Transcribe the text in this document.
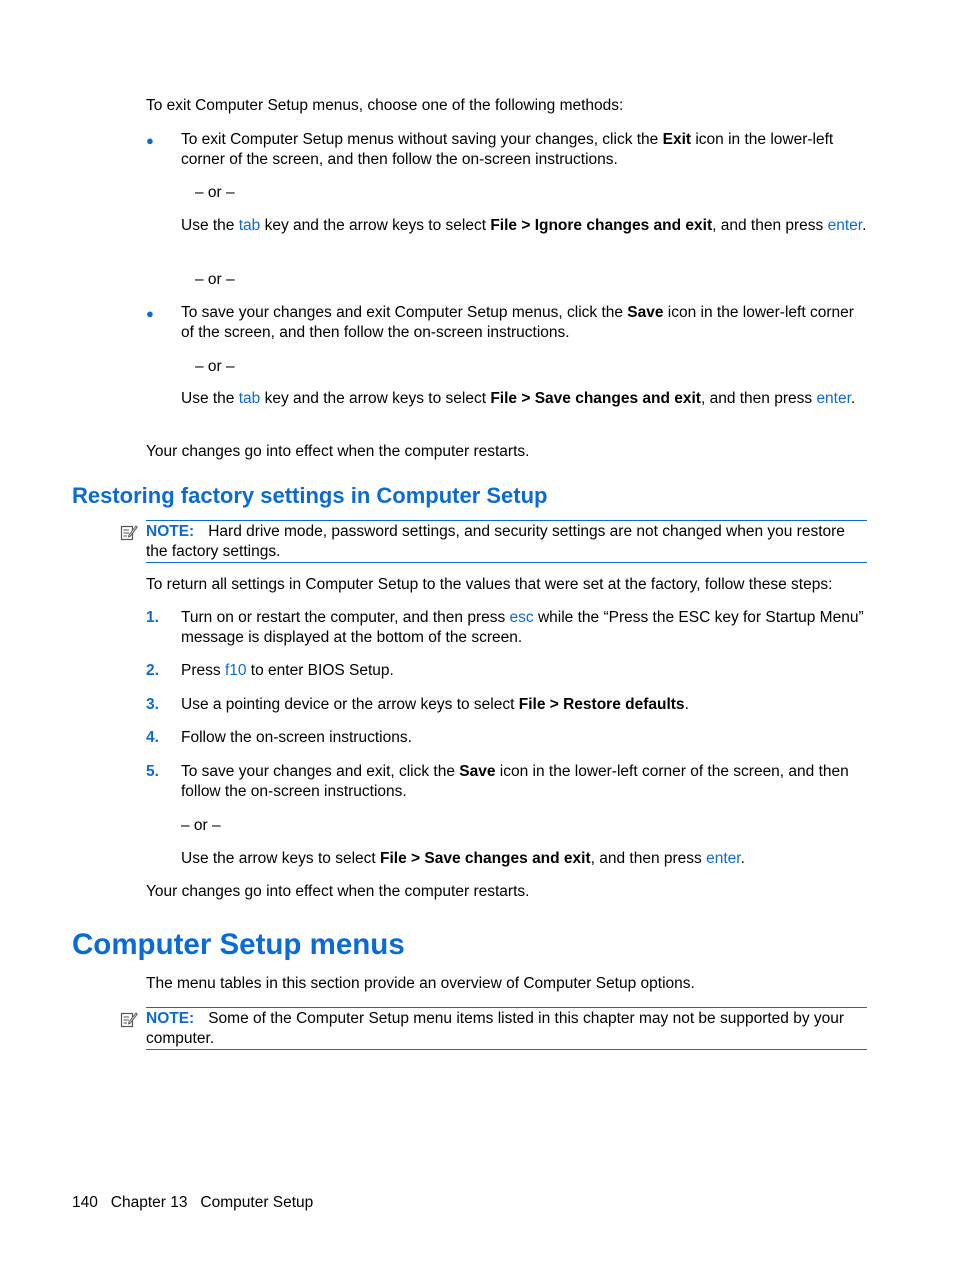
To exit Computer Setup menus, choose one of the following methods:
● To exit Computer Setup menus without saving your changes, click the Exit icon in the lower-left corner of the screen, and then follow the on-screen instructions.
– or –
Use the tab key and the arrow keys to select File > Ignore changes and exit, and then press enter.
– or –
● To save your changes and exit Computer Setup menus, click the Save icon in the lower-left corner of the screen, and then follow the on-screen instructions.
– or –
Use the tab key and the arrow keys to select File > Save changes and exit, and then press enter.
Your changes go into effect when the computer restarts.
Restoring factory settings in Computer Setup
NOTE: Hard drive mode, password settings, and security settings are not changed when you restore the factory settings.
To return all settings in Computer Setup to the values that were set at the factory, follow these steps:
1. Turn on or restart the computer, and then press esc while the “Press the ESC key for Startup Menu” message is displayed at the bottom of the screen.
2. Press f10 to enter BIOS Setup.
3. Use a pointing device or the arrow keys to select File > Restore defaults.
4. Follow the on-screen instructions.
5. To save your changes and exit, click the Save icon in the lower-left corner of the screen, and then follow the on-screen instructions.
– or –
Use the arrow keys to select File > Save changes and exit, and then press enter.
Your changes go into effect when the computer restarts.
Computer Setup menus
The menu tables in this section provide an overview of Computer Setup options.
NOTE: Some of the Computer Setup menu items listed in this chapter may not be supported by your computer.
140 Chapter 13 Computer Setup
